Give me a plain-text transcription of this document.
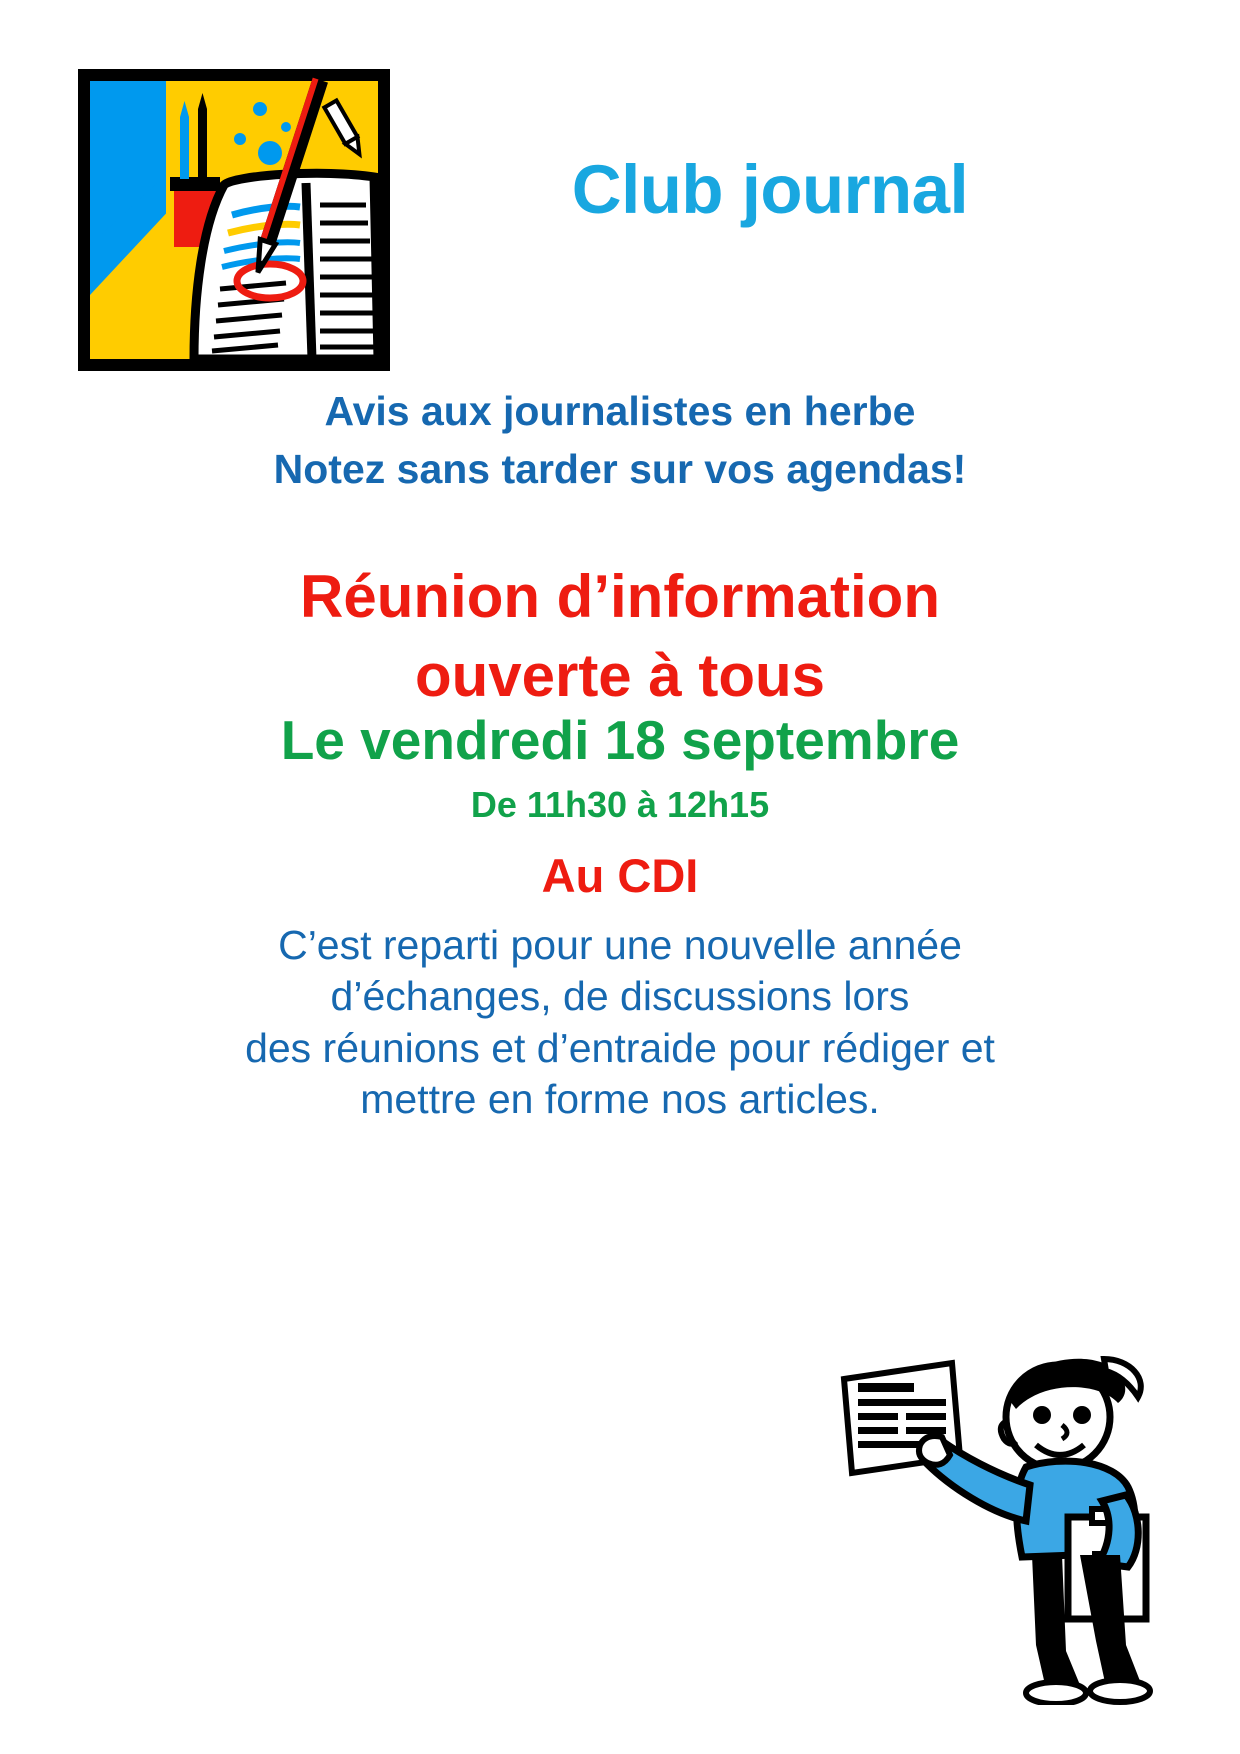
Club journal
Avis aux journalistes en herbe
Notez sans tarder sur vos agendas!
Réunion d’information
ouverte à tous
Le vendredi 18 septembre
De 11h30 à 12h15
Au CDI
C’est reparti pour une nouvelle année
d’échanges, de discussions lors
des réunions et d’entraide pour rédiger et
mettre en forme nos articles.
